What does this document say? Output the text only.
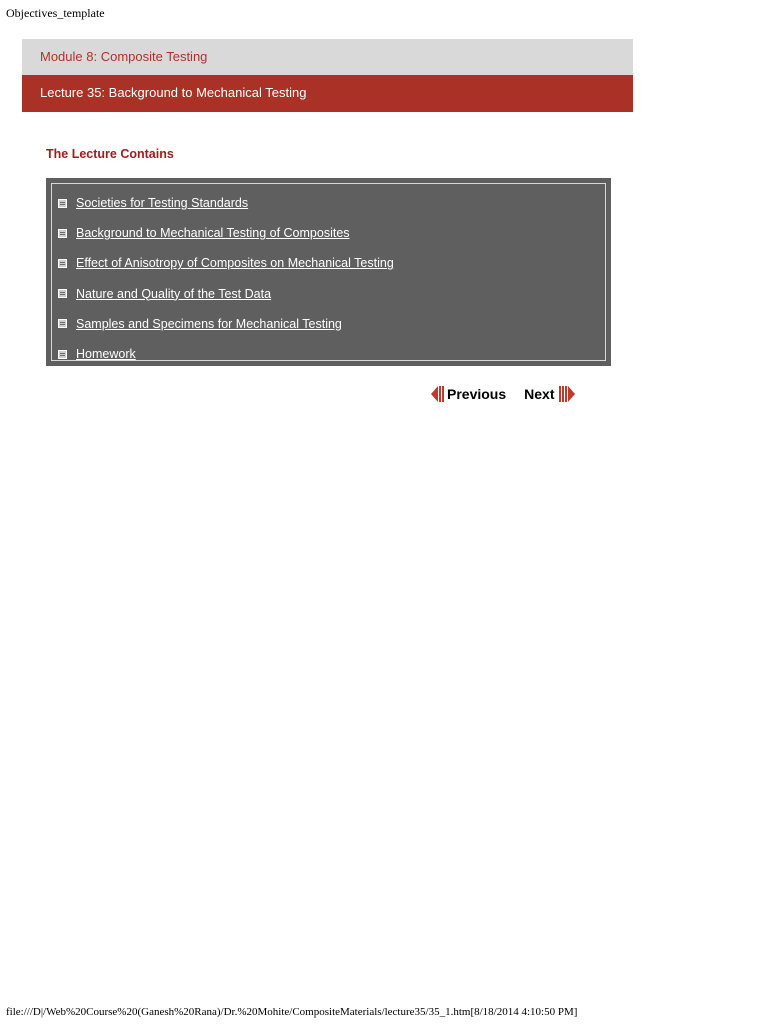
Objectives_template
Module 8: Composite Testing
Lecture 35: Background to Mechanical Testing
The Lecture Contains
Societies for Testing Standards
Background to Mechanical Testing of Composites
Effect of Anisotropy of Composites on Mechanical Testing
Nature and Quality of the Test Data
Samples and Specimens for Mechanical Testing
Homework
Previous Next
file:///D|/Web%20Course%20(Ganesh%20Rana)/Dr.%20Mohite/CompositeMaterials/lecture35/35_1.htm[8/18/2014 4:10:50 PM]
